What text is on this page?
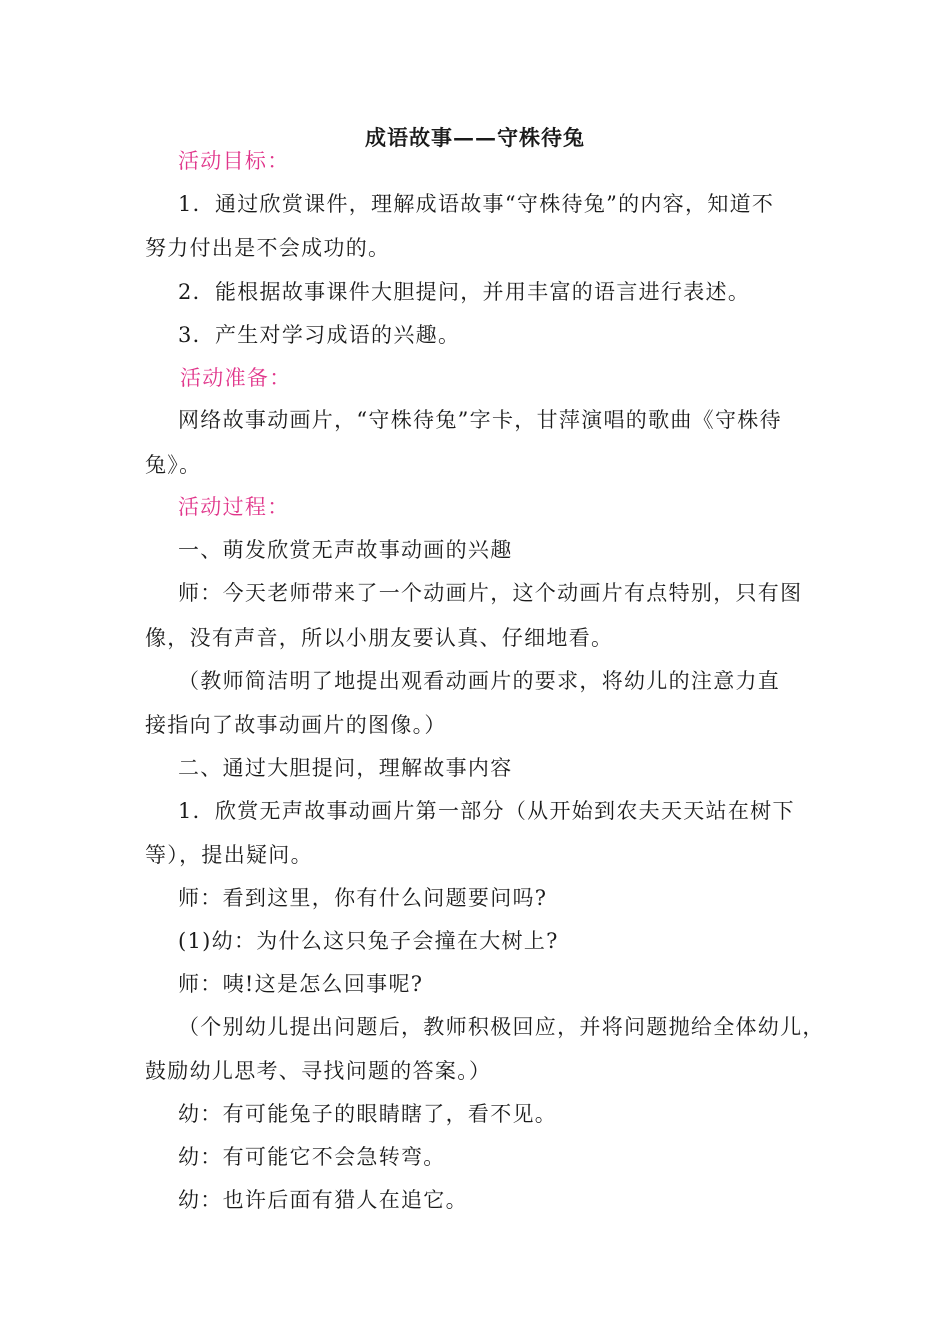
成语故事——守株待兔
活动目标：
1．通过欣赏课件，理解成语故事“守株待兔”的内容，知道不
努力付出是不会成功的。
2．能根据故事课件大胆提问，并用丰富的语言进行表述。
3．产生对学习成语的兴趣。
活动准备：
网络故事动画片，“守株待兔”字卡，甘萍演唱的歌曲《守株待
兔》。
活动过程：
一、萌发欣赏无声故事动画的兴趣
师：今天老师带来了一个动画片，这个动画片有点特别，只有图
像，没有声音，所以小朋友要认真、仔细地看。
（教师简洁明了地提出观看动画片的要求，将幼儿的注意力直
接指向了故事动画片的图像。）
二、通过大胆提问，理解故事内容
1．欣赏无声故事动画片第一部分（从开始到农夫天天站在树下
等），提出疑问。
师：看到这里，你有什么问题要问吗?
(1)幼：为什么这只兔子会撞在大树上?
师：咦!这是怎么回事呢?
（个别幼儿提出问题后，教师积极回应，并将问题抛给全体幼儿，
鼓励幼儿思考、寻找问题的答案。）
幼：有可能兔子的眼睛瞎了，看不见。
幼：有可能它不会急转弯。
幼：也许后面有猎人在追它。
